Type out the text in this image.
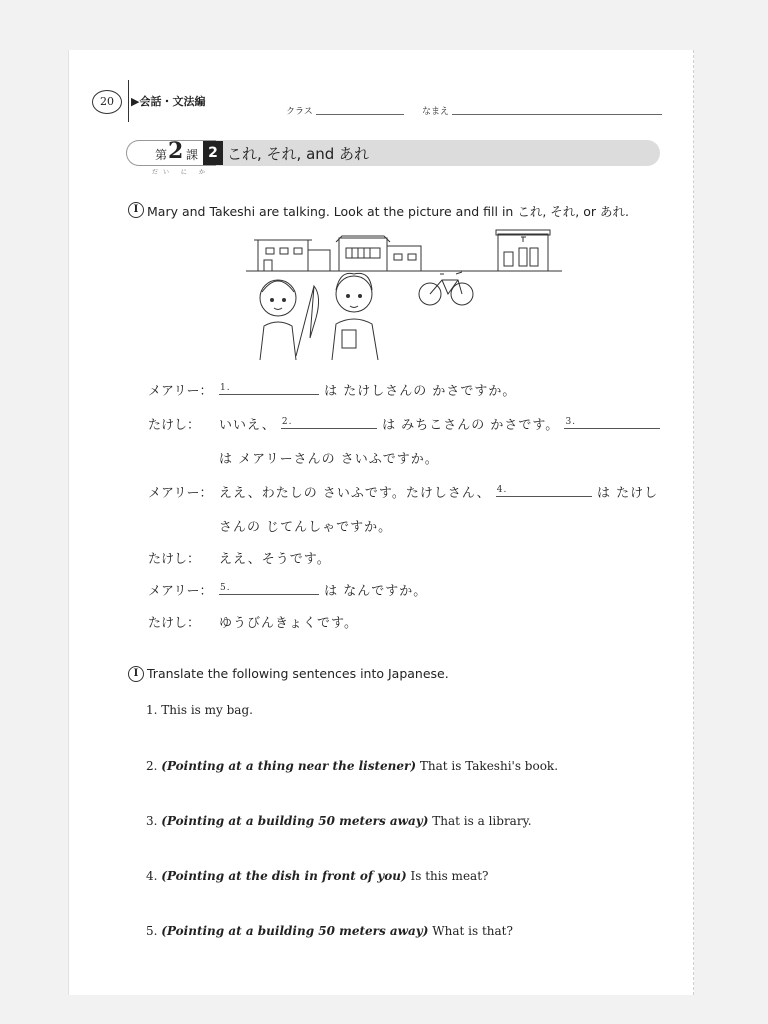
20	▶会話・文法編
クラス	なまえ
第 2 課 2 これ, それ, and あれ
だい に か
I Mary and Takeshi are talking. Look at the picture and fill in これ, それ, or あれ.
メアリー： 1.	は たけしさんの かさですか。
たけし： いいえ、 2.	は みちこさんの かさです。 3.
は メアリーさんの さいふですか。
メアリー： ええ、わたしの さいふです。たけしさん、 4.	は たけし
さんの じてんしゃですか。
たけし： ええ、そうです。
メアリー： 5.	は なんですか。
たけし： ゆうびんきょくです。
I Translate the following sentences into Japanese.
1. This is my bag.
2. (Pointing at a thing near the listener) That is Takeshi's book.
3. (Pointing at a building 50 meters away) That is a library.
4. (Pointing at the dish in front of you) Is this meat?
5. (Pointing at a building 50 meters away) What is that?
